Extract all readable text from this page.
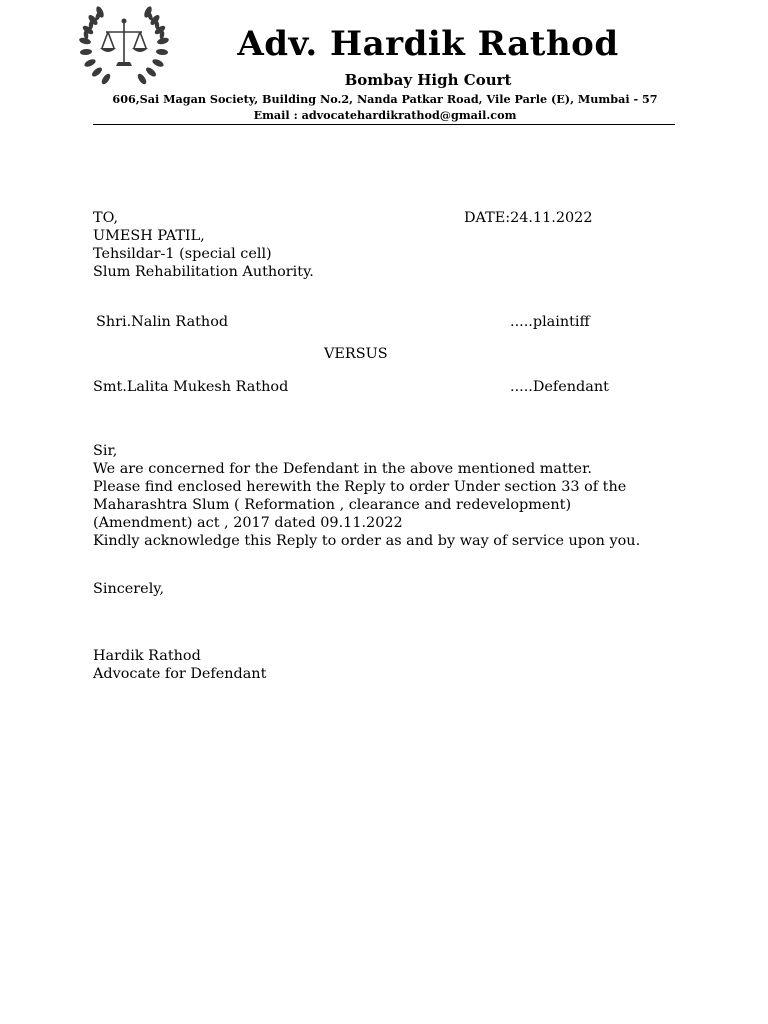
Adv. Hardik Rathod
Bombay High Court
606,Sai Magan Society, Building No.2, Nanda Patkar Road, Vile Parle (E), Mumbai - 57
Email : advocatehardikrathod@gmail.com
TO,	DATE:24.11.2022
UMESH PATIL,
Tehsildar-1 (special cell)
Slum Rehabilitation Authority.
Shri.Nalin Rathod	.....plaintiff
VERSUS
Smt.Lalita Mukesh Rathod	.....Defendant
Sir,
We are concerned for the Defendant in the above mentioned matter.
Please find enclosed herewith the Reply to order Under section 33 of the
Maharashtra Slum ( Reformation , clearance and redevelopment)
(Amendment) act , 2017 dated 09.11.2022
Kindly acknowledge this Reply to order as and by way of service upon you.
Sincerely,
Hardik Rathod
Advocate for Defendant
